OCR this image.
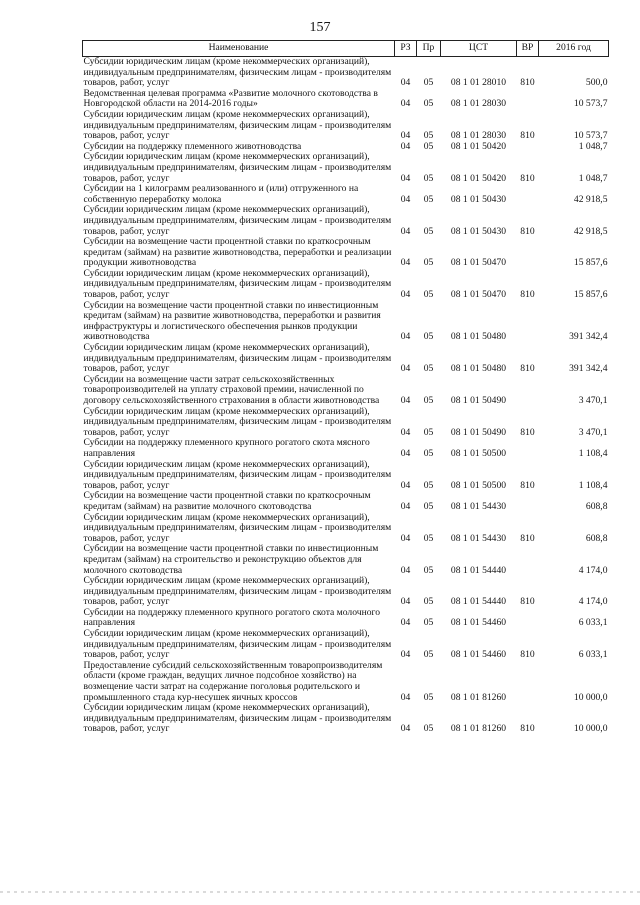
157
Наименование	РЗ	Пр	ЦСТ	ВР	2016 год
Субсидии юридическим лицам (кроме некоммерческих организаций), индивидуальным предпринимателям, физическим лицам - производителям товаров, работ, услуг	04	05	08 1 01 28010	810	500,0
Ведомственная целевая программа «Развитие молочного скотоводства в Новгородской области на 2014-2016 годы»	04	05	08 1 01 28030		10 573,7
Субсидии юридическим лицам (кроме некоммерческих организаций), индивидуальным предпринимателям, физическим лицам - производителям товаров, работ, услуг	04	05	08 1 01 28030	810	10 573,7
Субсидии на поддержку племенного животноводства	04	05	08 1 01 50420		1 048,7
Субсидии юридическим лицам (кроме некоммерческих организаций), индивидуальным предпринимателям, физическим лицам - производителям товаров, работ, услуг	04	05	08 1 01 50420	810	1 048,7
Субсидии на 1 килограмм реализованного и (или) отгруженного на собственную переработку молока	04	05	08 1 01 50430		42 918,5
Субсидии юридическим лицам (кроме некоммерческих организаций), индивидуальным предпринимателям, физическим лицам - производителям товаров, работ, услуг	04	05	08 1 01 50430	810	42 918,5
Субсидии на возмещение части процентной ставки по краткосрочным кредитам (займам) на развитие животноводства, переработки и реализации продукции животноводства	04	05	08 1 01 50470		15 857,6
Субсидии юридическим лицам (кроме некоммерческих организаций), индивидуальным предпринимателям, физическим лицам - производителям товаров, работ, услуг	04	05	08 1 01 50470	810	15 857,6
Субсидии на возмещение части процентной ставки по инвестиционным кредитам (займам) на развитие животноводства, переработки и развития инфраструктуры и логистического обеспечения рынков продукции животноводства	04	05	08 1 01 50480		391 342,4
Субсидии юридическим лицам (кроме некоммерческих организаций), индивидуальным предпринимателям, физическим лицам - производителям товаров, работ, услуг	04	05	08 1 01 50480	810	391 342,4
Субсидии на возмещение части затрат сельскохозяйственных товаропроизводителей на уплату страховой премии, начисленной по договору сельскохозяйственного страхования в области животноводства	04	05	08 1 01 50490		3 470,1
Субсидии юридическим лицам (кроме некоммерческих организаций), индивидуальным предпринимателям, физическим лицам - производителям товаров, работ, услуг	04	05	08 1 01 50490	810	3 470,1
Субсидии на поддержку племенного крупного рогатого скота мясного направления	04	05	08 1 01 50500		1 108,4
Субсидии юридическим лицам (кроме некоммерческих организаций), индивидуальным предпринимателям, физическим лицам - производителям товаров, работ, услуг	04	05	08 1 01 50500	810	1 108,4
Субсидии на возмещение части процентной ставки по краткосрочным кредитам (займам) на развитие молочного скотоводства	04	05	08 1 01 54430		608,8
Субсидии юридическим лицам (кроме некоммерческих организаций), индивидуальным предпринимателям, физическим лицам - производителям товаров, работ, услуг	04	05	08 1 01 54430	810	608,8
Субсидии на возмещение части процентной ставки по инвестиционным кредитам (займам) на строительство и реконструкцию объектов для молочного скотоводства	04	05	08 1 01 54440		4 174,0
Субсидии юридическим лицам (кроме некоммерческих организаций), индивидуальным предпринимателям, физическим лицам - производителям товаров, работ, услуг	04	05	08 1 01 54440	810	4 174,0
Субсидии на поддержку племенного крупного рогатого скота молочного направления	04	05	08 1 01 54460		6 033,1
Субсидии юридическим лицам (кроме некоммерческих организаций), индивидуальным предпринимателям, физическим лицам - производителям товаров, работ, услуг	04	05	08 1 01 54460	810	6 033,1
Предоставление субсидий сельскохозяйственным товаропроизводителям области (кроме граждан, ведущих личное подсобное хозяйство) на возмещение части затрат на содержание поголовья родительского и промышленного стада кур-несушек яичных кроссов	04	05	08 1 01 81260		10 000,0
Субсидии юридическим лицам (кроме некоммерческих организаций), индивидуальным предпринимателям, физическим лицам - производителям товаров, работ, услуг	04	05	08 1 01 81260	810	10 000,0
